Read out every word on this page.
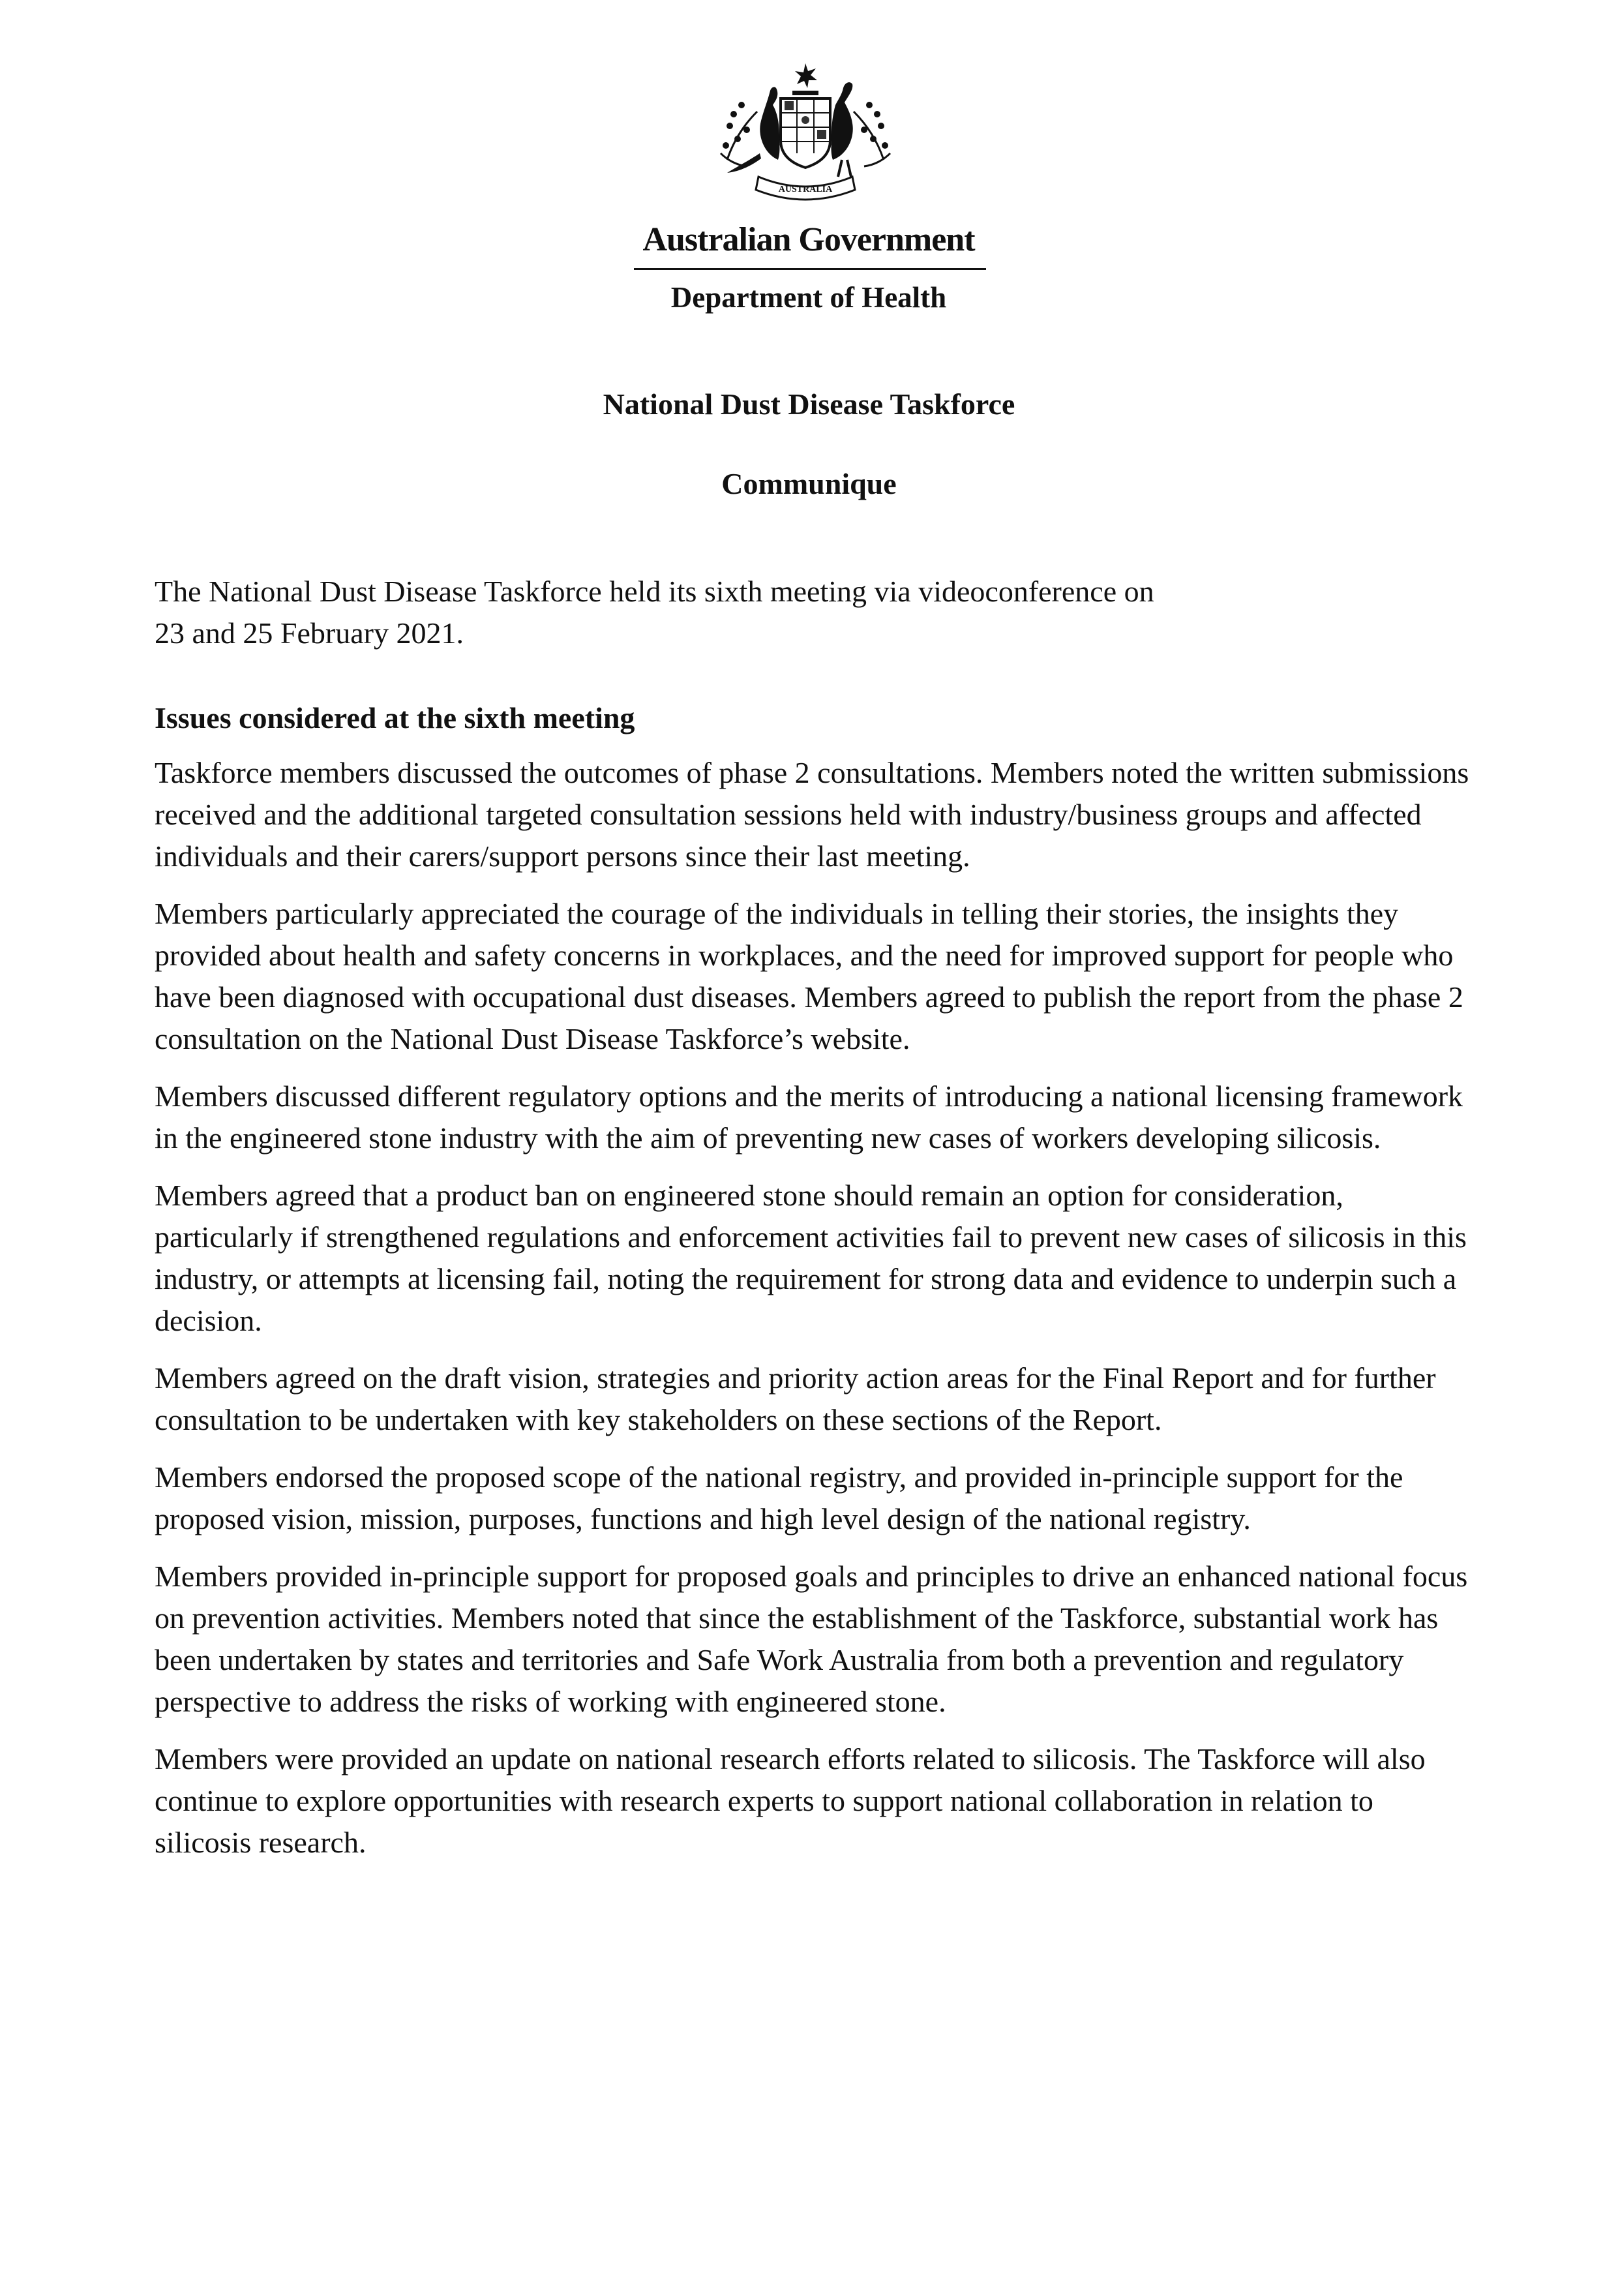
AUSTRALIA
Australian Government
Department of Health
National Dust Disease Taskforce
Communique

The National Dust Disease Taskforce held its sixth meeting via videoconference on
23 and 25 February 2021.

Issues considered at the sixth meeting

Taskforce members discussed the outcomes of phase 2 consultations. Members noted the written submissions received and the additional targeted consultation sessions held with industry/business groups and affected individuals and their carers/support persons since their last meeting.

Members particularly appreciated the courage of the individuals in telling their stories, the insights they provided about health and safety concerns in workplaces, and the need for improved support for people who have been diagnosed with occupational dust diseases. Members agreed to publish the report from the phase 2 consultation on the National Dust Disease Taskforce’s website.

Members discussed different regulatory options and the merits of introducing a national licensing framework in the engineered stone industry with the aim of preventing new cases of workers developing silicosis.

Members agreed that a product ban on engineered stone should remain an option for consideration, particularly if strengthened regulations and enforcement activities fail to prevent new cases of silicosis in this industry, or attempts at licensing fail, noting the requirement for strong data and evidence to underpin such a decision.

Members agreed on the draft vision, strategies and priority action areas for the Final Report and for further consultation to be undertaken with key stakeholders on these sections of the Report.

Members endorsed the proposed scope of the national registry, and provided in-principle support for the proposed vision, mission, purposes, functions and high level design of the national registry.

Members provided in-principle support for proposed goals and principles to drive an enhanced national focus on prevention activities. Members noted that since the establishment of the Taskforce, substantial work has been undertaken by states and territories and Safe Work Australia from both a prevention and regulatory perspective to address the risks of working with engineered stone.

Members were provided an update on national research efforts related to silicosis. The Taskforce will also continue to explore opportunities with research experts to support national collaboration in relation to silicosis research.
